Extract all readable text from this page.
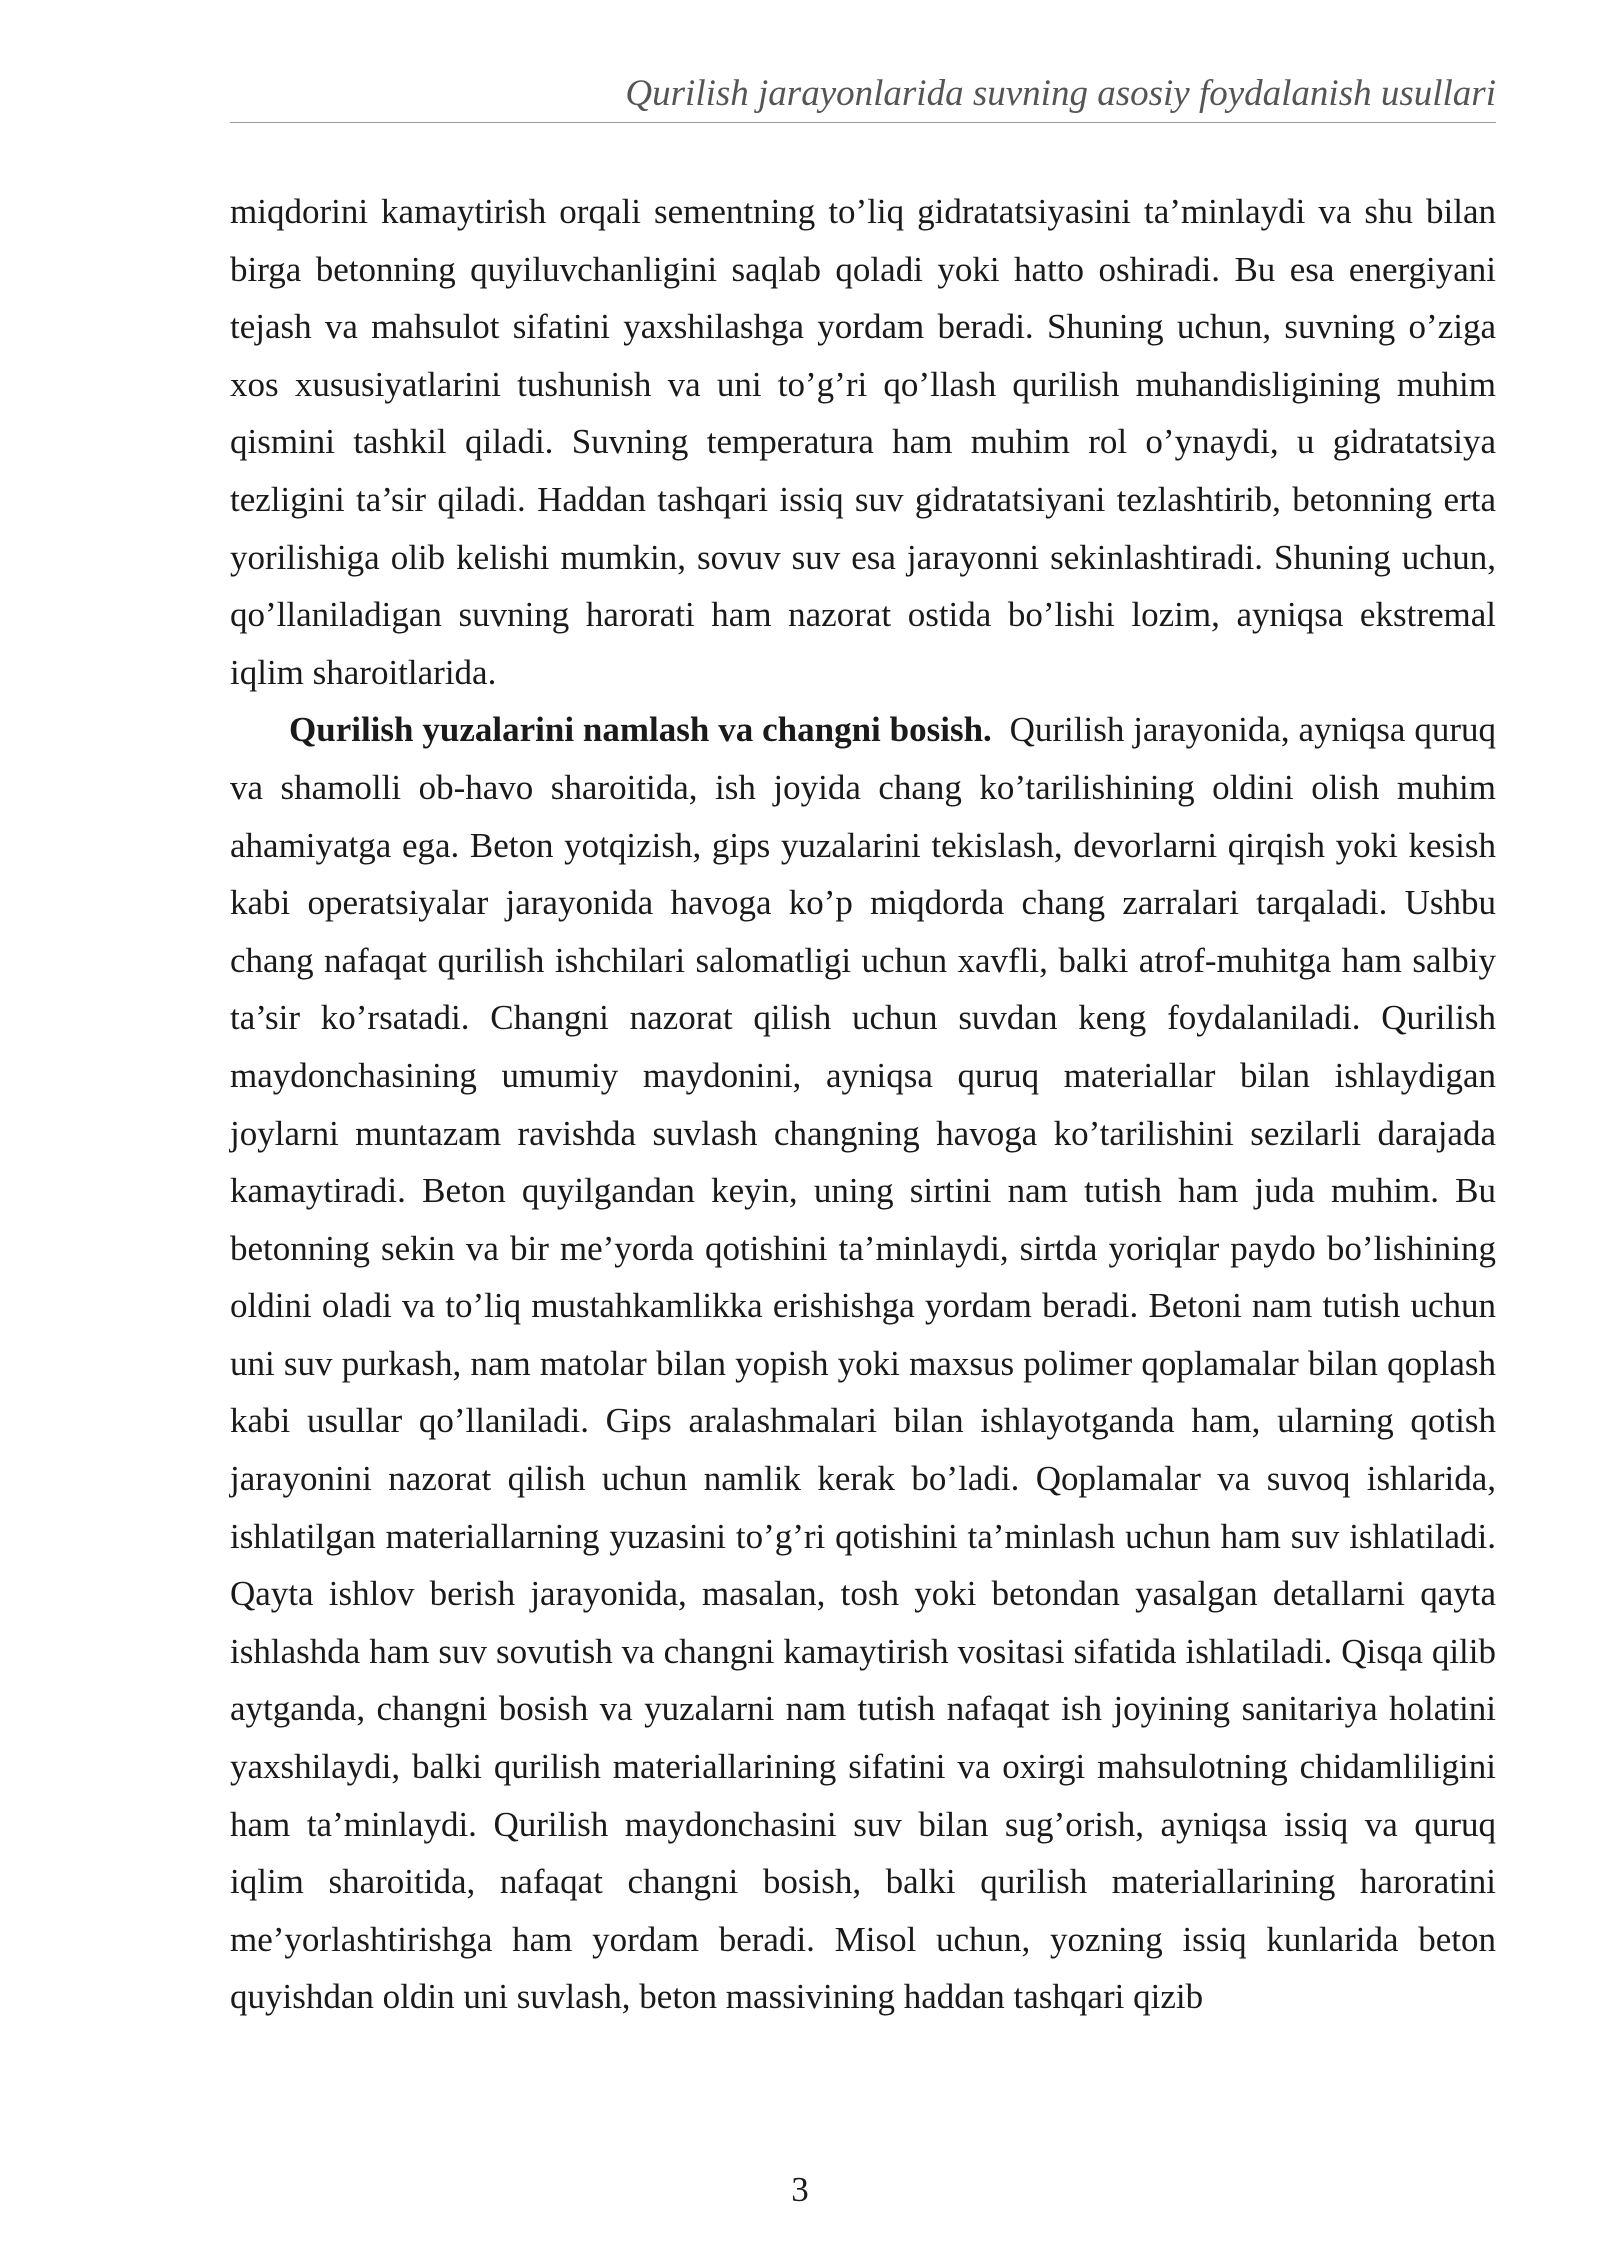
Qurilish jarayonlarida suvning asosiy foydalanish usullari

miqdorini kamaytirish orqali sementning to’liq gidratatsiyasini ta’minlaydi va shu bilan birga betonning quyiluvchanligini saqlab qoladi yoki hatto oshiradi. Bu esa energiyani tejash va mahsulot sifatini yaxshilashga yordam beradi. Shuning uchun, suvning o’ziga xos xususiyatlarini tushunish va uni to’g’ri qo’llash qurilish muhandisligining muhim qismini tashkil qiladi. Suvning temperatura ham muhim rol o’ynaydi, u gidratatsiya tezligini ta’sir qiladi. Haddan tashqari issiq suv gidratatsiyani tezlashtirib, betonning erta yorilishiga olib kelishi mumkin, sovuv suv esa jarayonni sekinlashtiradi. Shuning uchun, qo’llaniladigan suvning harorati ham nazorat ostida bo’lishi lozim, ayniqsa ekstremal iqlim sharoitlarida.

Qurilish yuzalarini namlash va changni bosish. Qurilish jarayonida, ayniqsa quruq va shamolli ob-havo sharoitida, ish joyida chang ko’tarilishining oldini olish muhim ahamiyatga ega. Beton yotqizish, gips yuzalarini tekislash, devorlarni qirqish yoki kesish kabi operatsiyalar jarayonida havoga ko’p miqdorda chang zarralari tarqaladi. Ushbu chang nafaqat qurilish ishchilari salomatligi uchun xavfli, balki atrof-muhitga ham salbiy ta’sir ko’rsatadi. Changni nazorat qilish uchun suvdan keng foydalaniladi. Qurilish maydonchasining umumiy maydonini, ayniqsa quruq materiallar bilan ishlaydigan joylarni muntazam ravishda suvlash changning havoga ko’tarilishini sezilarli darajada kamaytiradi. Beton quyilgandan keyin, uning sirtini nam tutish ham juda muhim. Bu betonning sekin va bir me’yorda qotishini ta’minlaydi, sirtda yoriqlar paydo bo’lishining oldini oladi va to’liq mustahkamlikka erishishga yordam beradi. Betoni nam tutish uchun uni suv purkash, nam matolar bilan yopish yoki maxsus polimer qoplamalar bilan qoplash kabi usullar qo’llaniladi. Gips aralashmalari bilan ishlayotganda ham, ularning qotish jarayonini nazorat qilish uchun namlik kerak bo’ladi. Qoplamalar va suvoq ishlarida, ishlatilgan materiallarning yuzasini to’g’ri qotishini ta’minlash uchun ham suv ishlatiladi. Qayta ishlov berish jarayonida, masalan, tosh yoki betondan yasalgan detallarni qayta ishlashda ham suv sovutish va changni kamaytirish vositasi sifatida ishlatiladi. Qisqa qilib aytganda, changni bosish va yuzalarni nam tutish nafaqat ish joyining sanitariya holatini yaxshilaydi, balki qurilish materiallarining sifatini va oxirgi mahsulotning chidamliligini ham ta’minlaydi. Qurilish maydonchasini suv bilan sug’orish, ayniqsa issiq va quruq iqlim sharoitida, nafaqat changni bosish, balki qurilish materiallarining haroratini me’yorlashtirishga ham yordam beradi. Misol uchun, yozning issiq kunlarida beton quyishdan oldin uni suvlash, beton massivining haddan tashqari qizib

3
